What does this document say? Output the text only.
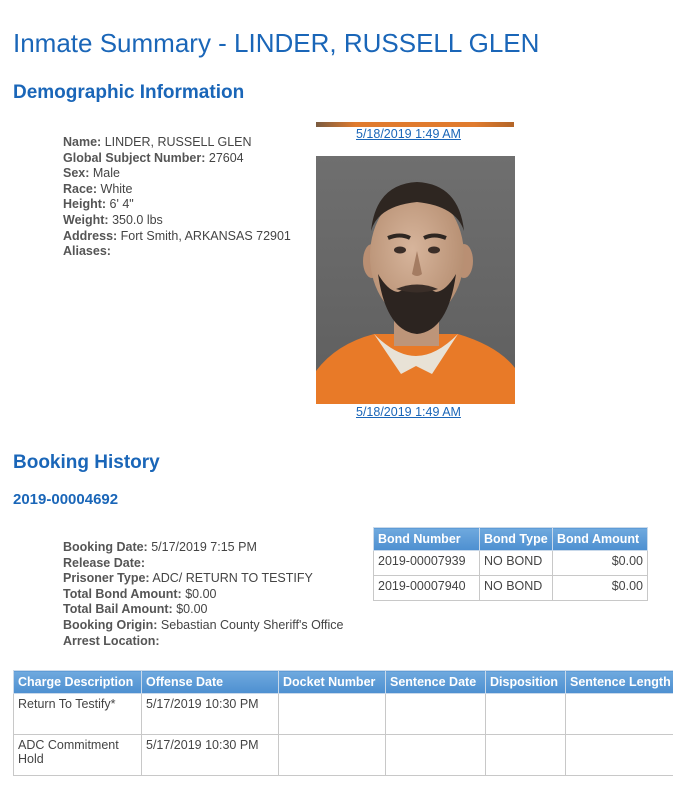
Inmate Summary - LINDER, RUSSELL GLEN
Demographic Information
Name: LINDER, RUSSELL GLEN
Global Subject Number: 27604
Sex: Male
Race: White
Height: 6' 4"
Weight: 350.0 lbs
Address: Fort Smith, ARKANSAS 72901
Aliases:
5/18/2019 1:49 AM
5/18/2019 1:49 AM
Booking History
2019-00004692
Booking Date: 5/17/2019 7:15 PM
Release Date:
Prisoner Type: ADC/ RETURN TO TESTIFY
Total Bond Amount: $0.00
Total Bail Amount: $0.00
Booking Origin: Sebastian County Sheriff's Office
Arrest Location:
Bond Number	Bond Type	Bond Amount
2019-00007939	NO BOND	$0.00
2019-00007940	NO BOND	$0.00
Charge Description	Offense Date	Docket Number	Sentence Date	Disposition	Sentence Length
Return To Testify*	5/17/2019 10:30 PM				
ADC Commitment Hold	5/17/2019 10:30 PM				
